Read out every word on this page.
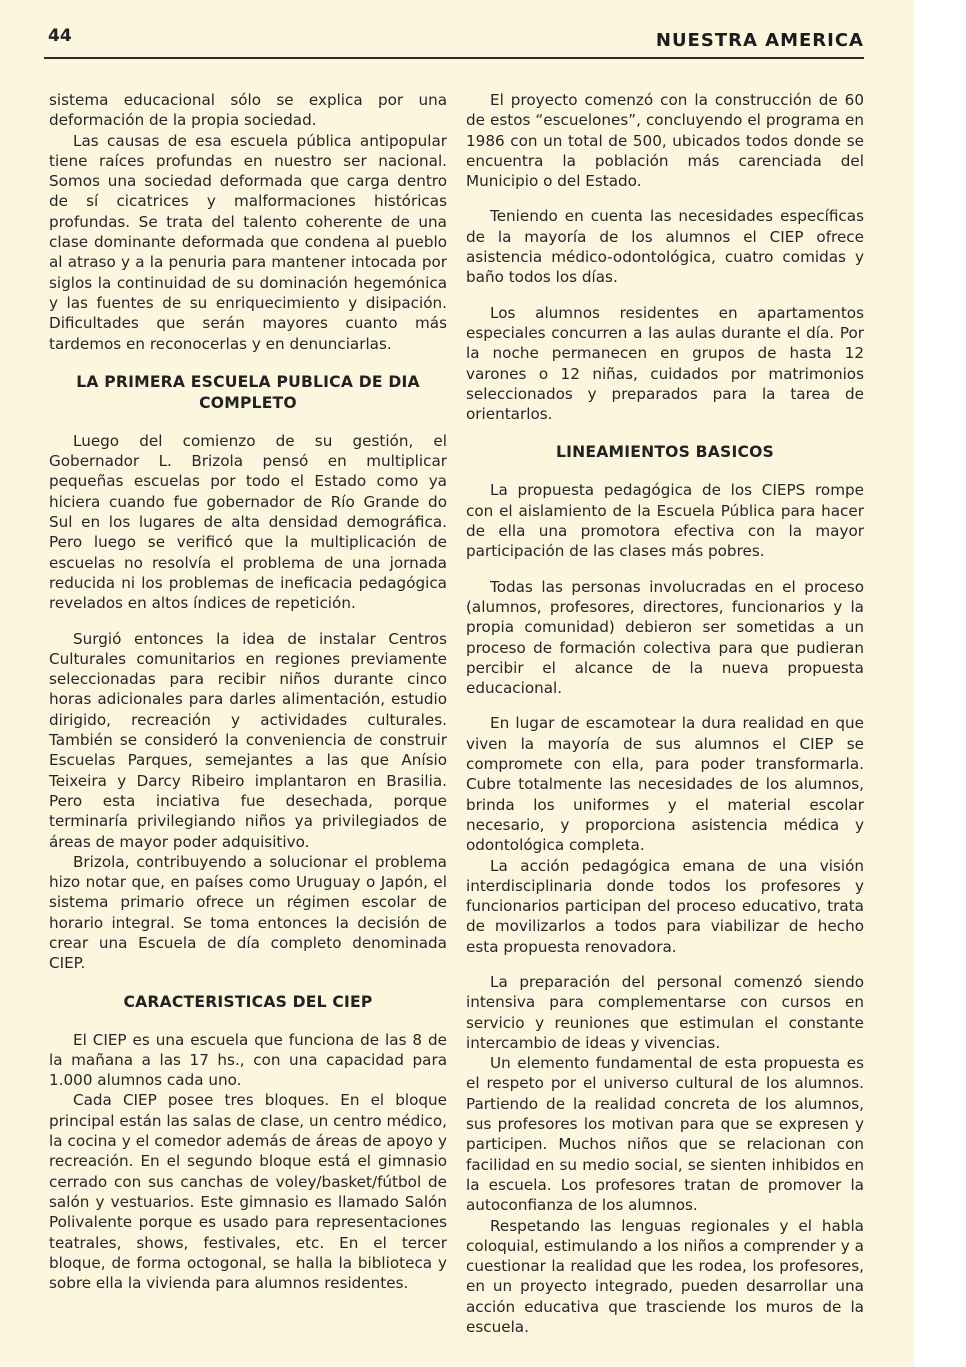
44	NUESTRA AMERICA

sistema educacional sólo se explica por una deformación de la propia sociedad.

Las causas de esa escuela pública antipopular tiene raíces profundas en nuestro ser nacional. Somos una sociedad deformada que carga dentro de sí cicatrices y malformaciones históricas profundas. Se trata del talento coherente de una clase dominante deformada que condena al pueblo al atraso y a la penuria para mantener intocada por siglos la continuidad de su dominación hegemónica y las fuentes de su enriquecimiento y disipación. Dificultades que serán mayores cuanto más tardemos en reconocerlas y en denunciarlas.

LA PRIMERA ESCUELA PUBLICA DE DIA COMPLETO

Luego del comienzo de su gestión, el Gobernador L. Brizola pensó en multiplicar pequeñas escuelas por todo el Estado como ya hiciera cuando fue gobernador de Río Grande do Sul en los lugares de alta densidad demográfica. Pero luego se verificó que la multiplicación de escuelas no resolvía el problema de una jornada reducida ni los problemas de ineficacia pedagógica revelados en altos índices de repetición.

Surgió entonces la idea de instalar Centros Culturales comunitarios en regiones previamente seleccionadas para recibir niños durante cinco horas adicionales para darles alimentación, estudio dirigido, recreación y actividades culturales. También se consideró la conveniencia de construir Escuelas Parques, semejantes a las que Anísio Teixeira y Darcy Ribeiro implantaron en Brasilia. Pero esta inciativa fue desechada, porque terminaría privilegiando niños ya privilegiados de áreas de mayor poder adquisitivo.

Brizola, contribuyendo a solucionar el problema hizo notar que, en países como Uruguay o Japón, el sistema primario ofrece un régimen escolar de horario integral. Se toma entonces la decisión de crear una Escuela de día completo denominada CIEP.

CARACTERISTICAS DEL CIEP

El CIEP es una escuela que funciona de las 8 de la mañana a las 17 hs., con una capacidad para 1.000 alumnos cada uno.

Cada CIEP posee tres bloques. En el bloque principal están las salas de clase, un centro médico, la cocina y el comedor además de áreas de apoyo y recreación. En el segundo bloque está el gimnasio cerrado con sus canchas de voley/basket/fútbol de salón y vestuarios. Este gimnasio es llamado Salón Polivalente porque es usado para representaciones teatrales, shows, festivales, etc. En el tercer bloque, de forma octogonal, se halla la biblioteca y sobre ella la vivienda para alumnos residentes.

El proyecto comenzó con la construcción de 60 de estos “escuelones”, concluyendo el programa en 1986 con un total de 500, ubicados todos donde se encuentra la población más carenciada del Municipio o del Estado.

Teniendo en cuenta las necesidades específicas de la mayoría de los alumnos el CIEP ofrece asistencia médico-odontológica, cuatro comidas y baño todos los días.

Los alumnos residentes en apartamentos especiales concurren a las aulas durante el día. Por la noche permanecen en grupos de hasta 12 varones o 12 niñas, cuidados por matrimonios seleccionados y preparados para la tarea de orientarlos.

LINEAMIENTOS BASICOS

La propuesta pedagógica de los CIEPS rompe con el aislamiento de la Escuela Pública para hacer de ella una promotora efectiva con la mayor participación de las clases más pobres.

Todas las personas involucradas en el proceso (alumnos, profesores, directores, funcionarios y la propia comunidad) debieron ser sometidas a un proceso de formación colectiva para que pudieran percibir el alcance de la nueva propuesta educacional.

En lugar de escamotear la dura realidad en que viven la mayoría de sus alumnos el CIEP se compromete con ella, para poder transformarla. Cubre totalmente las necesidades de los alumnos, brinda los uniformes y el material escolar necesario, y proporciona asistencia médica y odontológica completa.

La acción pedagógica emana de una visión interdisciplinaria donde todos los profesores y funcionarios participan del proceso educativo, trata de movilizarlos a todos para viabilizar de hecho esta propuesta renovadora.

La preparación del personal comenzó siendo intensiva para complementarse con cursos en servicio y reuniones que estimulan el constante intercambio de ideas y vivencias.

Un elemento fundamental de esta propuesta es el respeto por el universo cultural de los alumnos. Partiendo de la realidad concreta de los alumnos, sus profesores los motivan para que se expresen y participen. Muchos niños que se relacionan con facilidad en su medio social, se sienten inhibidos en la escuela. Los profesores tratan de promover la autoconfianza de los alumnos.

Respetando las lenguas regionales y el habla coloquial, estimulando a los niños a comprender y a cuestionar la realidad que les rodea, los profesores, en un proyecto integrado, pueden desarrollar una acción educativa que trasciende los muros de la escuela.
